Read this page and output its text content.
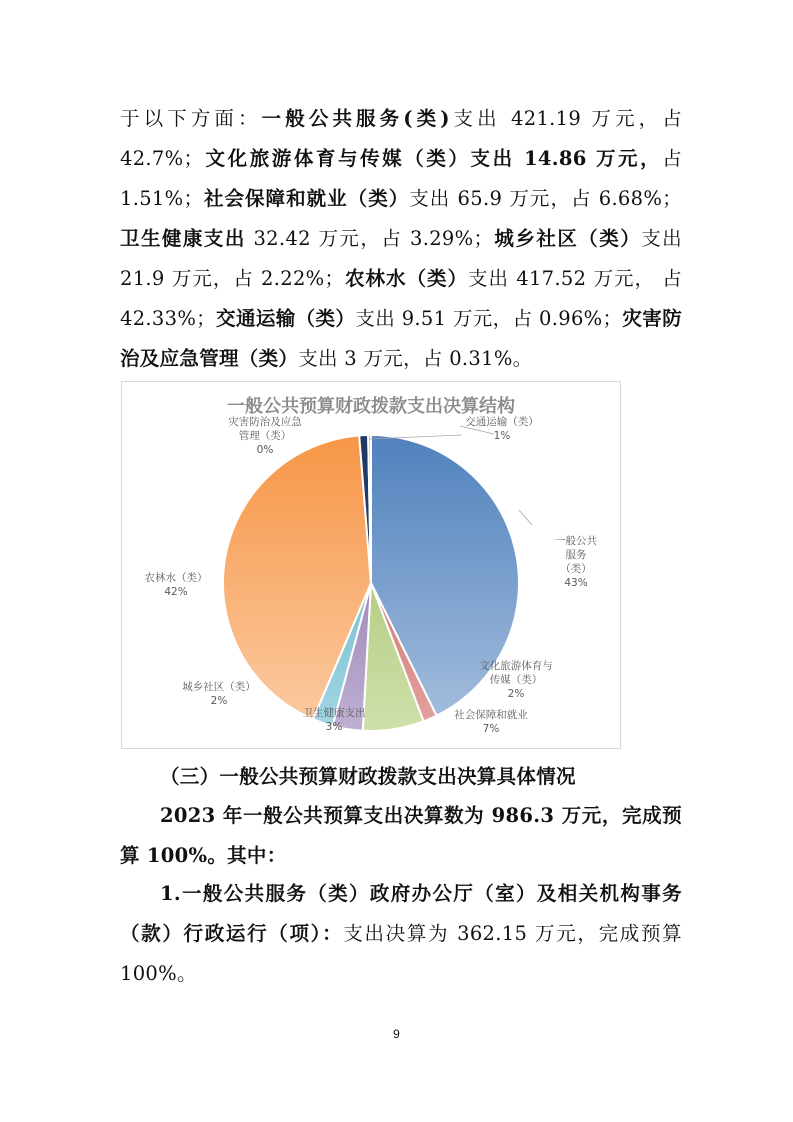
于以下方面：一般公共服务(类)支出 421.19 万元，占 42.7%；文化旅游体育与传媒（类）支出 14.86 万元，占 1.51%；社会保障和就业（类）支出 65.9 万元，占 6.68%；卫生健康支出 32.42 万元，占 3.29%；城乡社区（类）支出 21.9 万元，占 2.22%；农林水（类）支出 417.52 万元， 占 42.33%；交通运输（类）支出 9.51 万元，占 0.96%；灾害防治及应急管理（类）支出 3 万元，占 0.31%。
一般公共预算财政拨款支出决算结构
一般公共服务
（类）
43%
文化旅游体育与
传媒（类）
2%
社会保障和就业
7%
卫生健康支出
3%
城乡社区（类）
2%
农林水（类）
42%
交通运输（类）
1%
灾害防治及应急
管理（类）
0%
（三）一般公共预算财政拨款支出决算具体情况
2023 年一般公共预算支出决算数为 986.3 万元，完成预算 100%。其中：
1.一般公共服务（类）政府办公厅（室）及相关机构事务（款）行政运行（项）：支出决算为 362.15 万元，完成预算 100%。
9
